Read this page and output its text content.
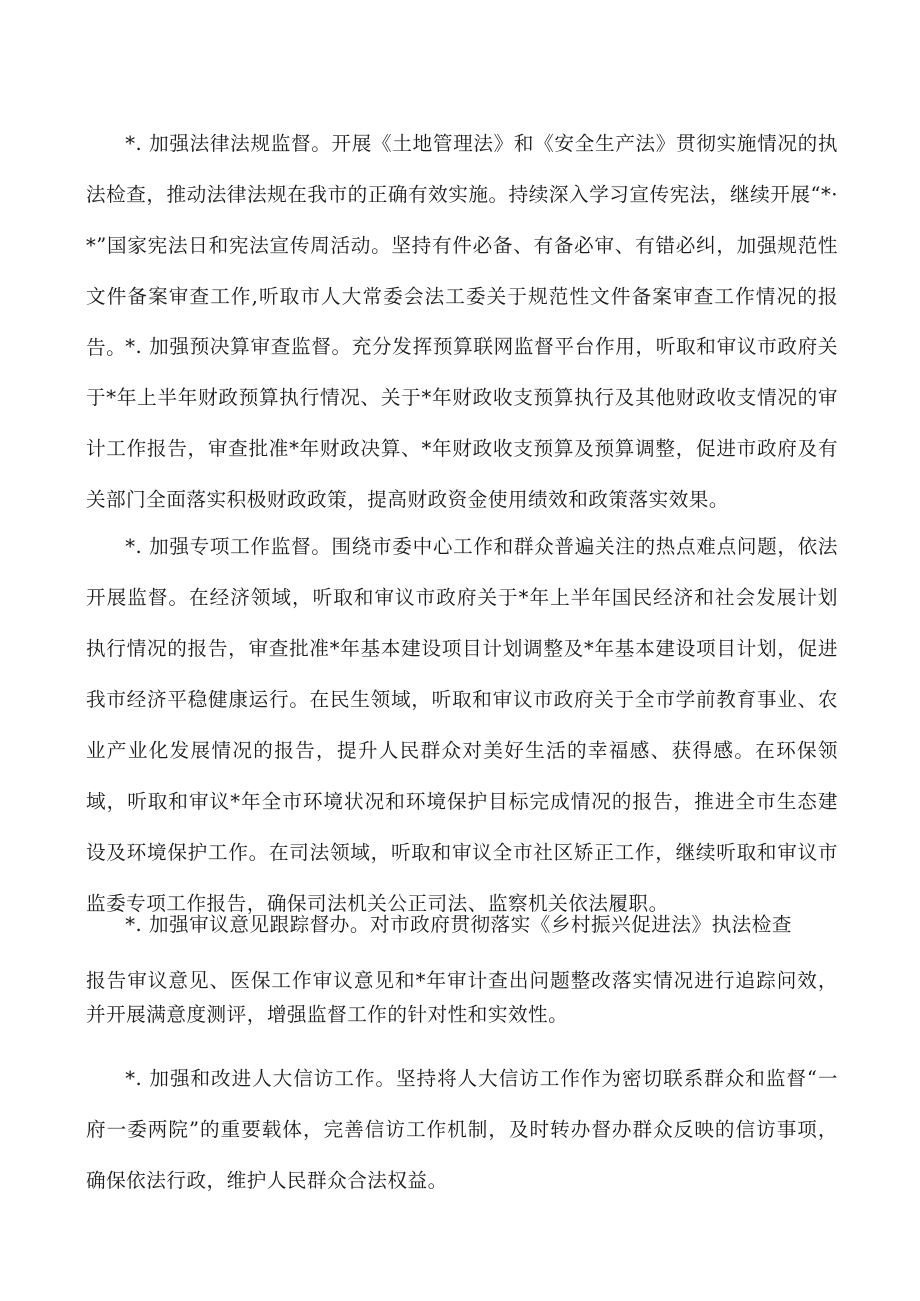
*. 加强法律法规监督。开展《土地管理法》和《安全生产法》贯彻实施情况的执法检查，推动法律法规在我市的正确有效实施。持续深入学习宣传宪法，继续开展“*·*”国家宪法日和宪法宣传周活动。坚持有件必备、有备必审、有错必纠，加强规范性文件备案审查工作,听取市人大常委会法工委关于规范性文件备案审查工作情况的报告。 *. 加强预决算审查监督。充分发挥预算联网监督平台作用，听取和审议市政府关于*年上半年财政预算执行情况、关于*年财政收支预算执行及其他财政收支情况的审计工作报告，审查批准*年财政决算、*年财政收支预算及预算调整，促进市政府及有关部门全面落实积极财政政策，提高财政资金使用绩效和政策落实效果。

*. 加强专项工作监督。围绕市委中心工作和群众普遍关注的热点难点问题，依法开展监督。在经济领域，听取和审议市政府关于*年上半年国民经济和社会发展计划执行情况的报告，审查批准*年基本建设项目计划调整及*年基本建设项目计划，促进我市经济平稳健康运行。在民生领域，听取和审议市政府关于全市学前教育事业、农业产业化发展情况的报告，提升人民群众对美好生活的幸福感、获得感。在环保领域，听取和审议*年全市环境状况和环境保护目标完成情况的报告，推进全市生态建设及环境保护工作。在司法领域，听取和审议全市社区矫正工作，继续听取和审议市监委专项工作报告，确保司法机关公正司法、监察机关依法履职。

*. 加强审议意见跟踪督办。对市政府贯彻落实《乡村振兴促进法》执法检查

报告审议意见、医保工作审议意见和*年审计查出问题整改落实情况进行追踪问效，并开展满意度测评，增强监督工作的针对性和实效性。

*. 加强和改进人大信访工作。坚持将人大信访工作作为密切联系群众和监督“一府一委两院”的重要载体，完善信访工作机制，及时转办督办群众反映的信访事项，确保依法行政，维护人民群众合法权益。
